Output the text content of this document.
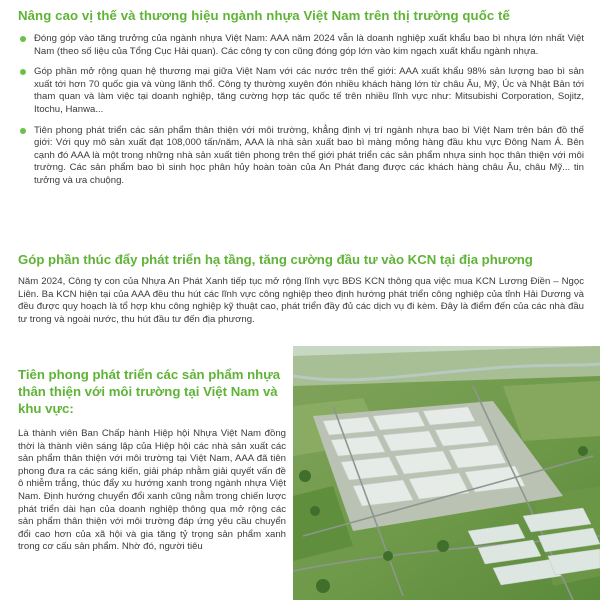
Nâng cao vị thế và thương hiệu ngành nhựa Việt Nam trên thị trường quốc tế
Đóng góp vào tăng trưởng của ngành nhựa Việt Nam: AAA năm 2024 vẫn là doanh nghiệp xuất khẩu bao bì nhựa lớn nhất Việt Nam (theo số liệu của Tổng Cục Hải quan). Các công ty con cũng đóng góp lớn vào kim ngạch xuất khẩu ngành nhựa.
Góp phần mở rộng quan hệ thương mại giữa Việt Nam với các nước trên thế giới: AAA xuất khẩu 98% sản lượng bao bì sản xuất tới hơn 70 quốc gia và vùng lãnh thổ. Công ty thường xuyên đón nhiều khách hàng lớn từ châu Âu, Mỹ, Úc và Nhật Bản tới tham quan và làm việc tại doanh nghiệp, tăng cường hợp tác quốc tế trên nhiều lĩnh vực như: Mitsubishi Corporation, Sojitz, Itochu, Hanwa...
Tiên phong phát triển các sản phẩm thân thiện với môi trường, khẳng định vị trí ngành nhựa bao bì Việt Nam trên bản đồ thế giới: Với quy mô sản xuất đạt 108,000 tấn/năm, AAA là nhà sản xuất bao bì màng mỏng hàng đầu khu vực Đông Nam Á. Bên cạnh đó AAA là một trong những nhà sản xuất tiên phong trên thế giới phát triển các sản phẩm nhựa sinh học thân thiện với môi trường. Các sản phẩm bao bì sinh học phân hủy hoàn toàn của An Phát đang được các khách hàng châu Âu, châu Mỹ... tin tưởng và ưa chuộng.
Góp phần thúc đẩy phát triển hạ tầng, tăng cường đầu tư vào KCN tại địa phương

Năm 2024, Công ty con của Nhựa An Phát Xanh tiếp tục mở rộng lĩnh vực BĐS KCN thông qua việc mua KCN Lương Điền – Ngọc Liên. Ba KCN hiện tại của AAA đều thu hút các lĩnh vực công nghiệp theo định hướng phát triển công nghiệp của tỉnh Hải Dương và đều được quy hoạch là tổ hợp khu công nghiệp kỹ thuật cao, phát triển đầy đủ các dịch vụ đi kèm. Đây là điểm đến của các nhà đầu tư trong và ngoài nước, thu hút đầu tư đến địa phương.

Tiên phong phát triển các sản phẩm nhựa thân thiện với môi trường tại Việt Nam và khu vực:

Là thành viên Ban Chấp hành Hiệp hội Nhựa Việt Nam đồng thời là thành viên sáng lập của Hiệp hội các nhà sản xuất các sản phẩm thân thiện với môi trường tại Việt Nam, AAA đã tiên phong đưa ra các sáng kiến, giải pháp nhằm giải quyết vấn đề ô nhiễm trắng, thúc đẩy xu hướng xanh trong ngành nhựa Việt Nam. Định hướng chuyển đổi xanh cũng nằm trong chiến lược phát triển dài hạn của doanh nghiệp thông qua mở rộng các sản phẩm thân thiện với môi trường đáp ứng yêu cầu chuyển đổi cao hơn của xã hội và gia tăng tỷ trọng sản phẩm xanh trong cơ cấu sản phẩm. Nhờ đó, người tiêu
